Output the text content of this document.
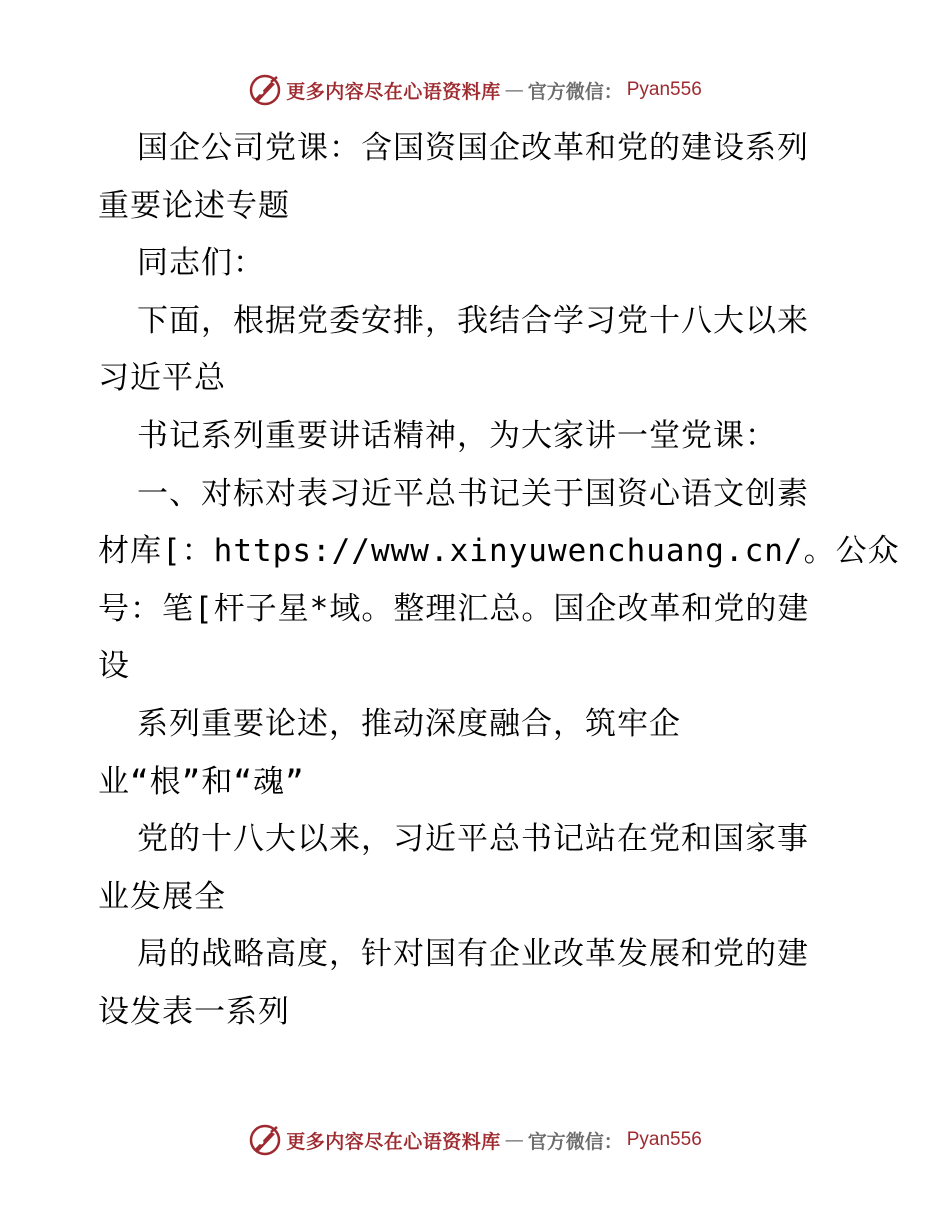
更多内容尽在心语资料库 — 官方微信： Pyan556
国企公司党课：含国资国企改革和党的建设系列
重要论述专题
同志们：
下面，根据党委安排，我结合学习党十八大以来
习近平总
书记系列重要讲话精神，为大家讲一堂党课：
一、对标对表习近平总书记关于国资心语文创素
材库[：https://www.xinyuwenchuang.cn/。公众
号：笔[杆子星*域。整理汇总。国企改革和党的建
设
系列重要论述，推动深度融合，筑牢企
业“根”和“魂”
党的十八大以来，习近平总书记站在党和国家事
业发展全
局的战略高度，针对国有企业改革发展和党的建
设发表一系列
更多内容尽在心语资料库 — 官方微信： Pyan556
